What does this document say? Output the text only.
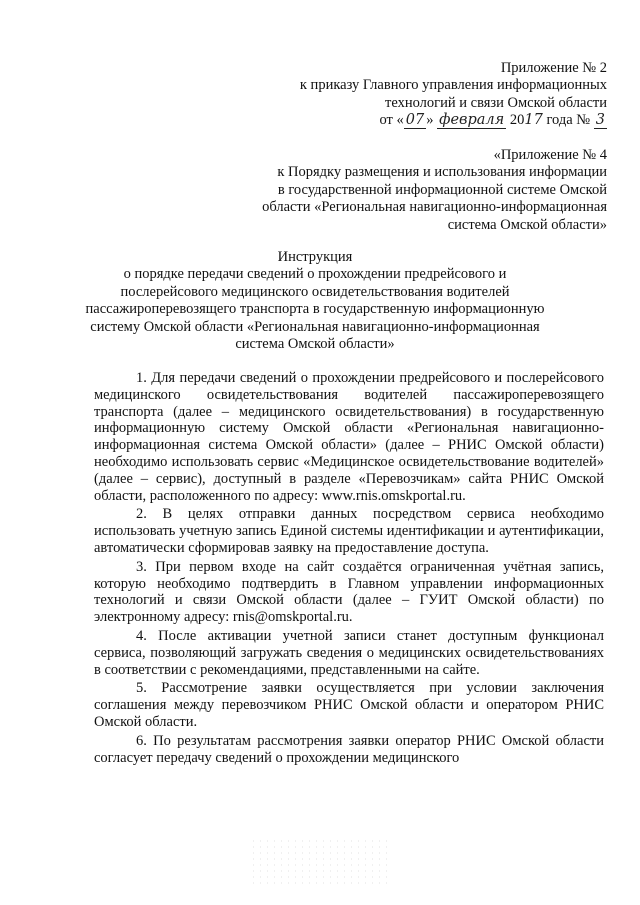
Приложение № 2
к приказу Главного управления информационных
технологий и связи Омской области
от « 07 » февраля 2017 года № 3
«Приложение № 4
к Порядку размещения и использования информации
в государственной информационной системе Омской
области «Региональная навигационно-информационная
система Омской области»
Инструкция
о порядке передачи сведений о прохождении предрейсового и
послерейсового медицинского освидетельствования водителей
пассажироперевозящего транспорта в государственную информационную
систему Омской области «Региональная навигационно-информационная
система Омской области»

1. Для передачи сведений о прохождении предрейсового и послерейсового медицинского освидетельствования водителей пассажироперевозящего транспорта (далее – медицинского освидетельствования) в государственную информационную систему Омской области «Региональная навигационно-информационная система Омской области» (далее – РНИС Омской области) необходимо использовать сервис «Медицинское освидетельствование водителей» (далее – сервис), доступный в разделе «Перевозчикам» сайта РНИС Омской области, расположенного по адресу: www.rnis.omskportal.ru.

2. В целях отправки данных посредством сервиса необходимо использовать учетную запись Единой системы идентификации и аутентификации, автоматически сформировав заявку на предоставление доступа.

3. При первом входе на сайт создаётся ограниченная учётная запись, которую необходимо подтвердить в Главном управлении информационных технологий и связи Омской области (далее – ГУИТ Омской области) по электронному адресу: rnis@omskportal.ru.

4. После активации учетной записи станет доступным функционал сервиса, позволяющий загружать сведения о медицинских освидетельствованиях в соответствии с рекомендациями, представленными на сайте.

5. Рассмотрение заявки осуществляется при условии заключения соглашения между перевозчиком РНИС Омской области и оператором РНИС Омской области.

6. По результатам рассмотрения заявки оператор РНИС Омской области согласует передачу сведений о прохождении медицинского
